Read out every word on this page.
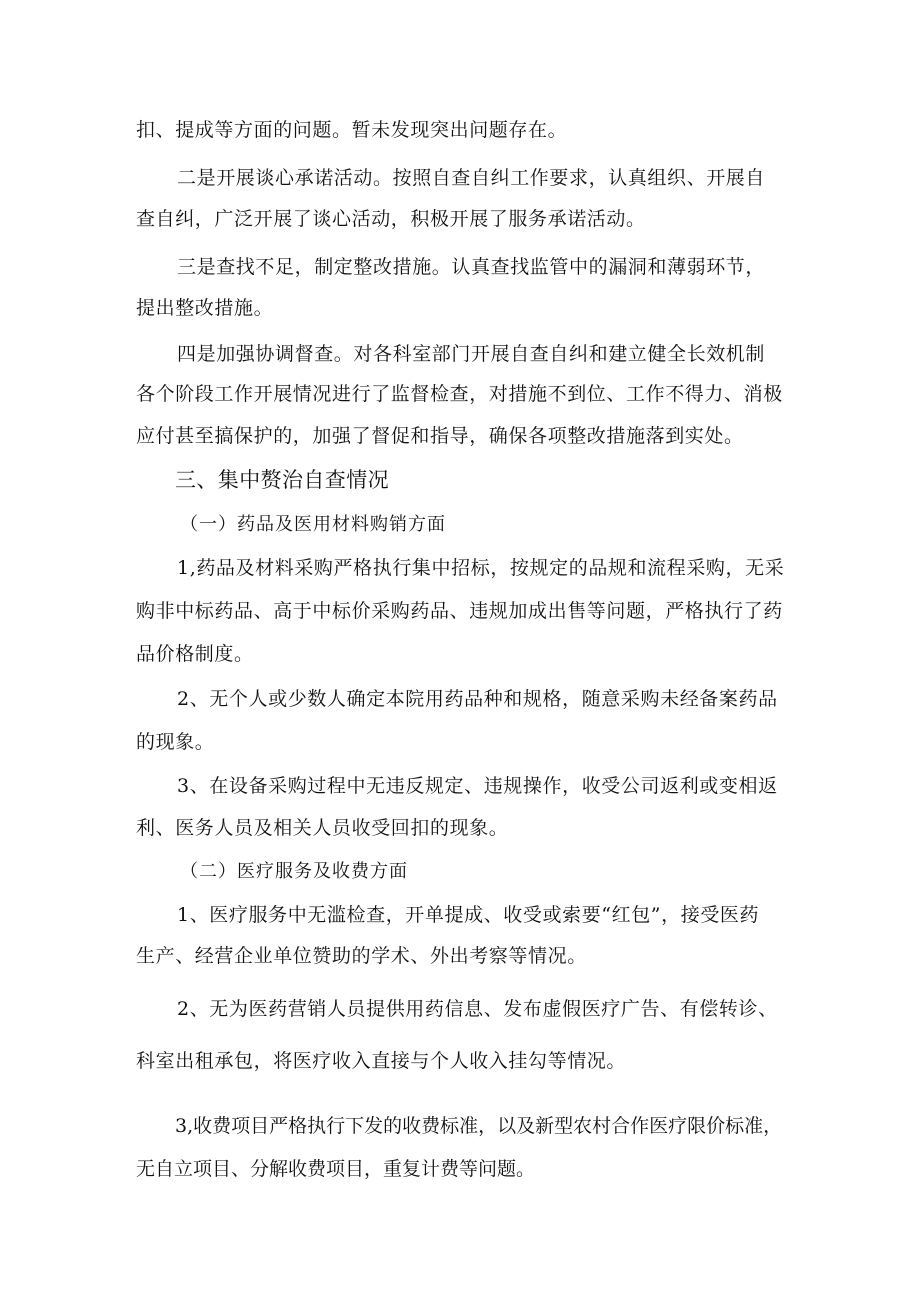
扣、提成等方面的问题。暂未发现突出问题存在。

二是开展谈心承诺活动。按照自查自纠工作要求，认真组织、开展自

查自纠，广泛开展了谈心活动，积极开展了服务承诺活动。

三是查找不足，制定整改措施。认真查找监管中的漏洞和薄弱环节，

提出整改措施。

四是加强协调督查。对各科室部门开展自查自纠和建立健全长效机制

各个阶段工作开展情况进行了监督检查，对措施不到位、工作不得力、消极

应付甚至搞保护的，加强了督促和指导，确保各项整改措施落到实处。

三、集中赘治自查情况

（一）药品及医用材料购销方面

1,药品及材料采购严格执行集中招标，按规定的品规和流程采购，无采

购非中标药品、高于中标价采购药品、违规加成出售等问题，严格执行了药

品价格制度。

2、无个人或少数人确定本院用药品种和规格，随意采购未经备案药品

的现象。

3、在设备采购过程中无违反规定、违规操作，收受公司返利或变相返

利、医务人员及相关人员收受回扣的现象。

（二）医疗服务及收费方面

1、医疗服务中无滥检查，开单提成、收受或索要“红包”，接受医药

生产、经营企业单位赞助的学术、外出考察等情况。

2、无为医药营销人员提供用药信息、发布虚假医疗广告、有偿转诊、

科室出租承包，将医疗收入直接与个人收入挂勾等情况。

3,收费项目严格执行下发的收费标准，以及新型农村合作医疗限价标准，

无自立项目、分解收费项目，重复计费等问题。
